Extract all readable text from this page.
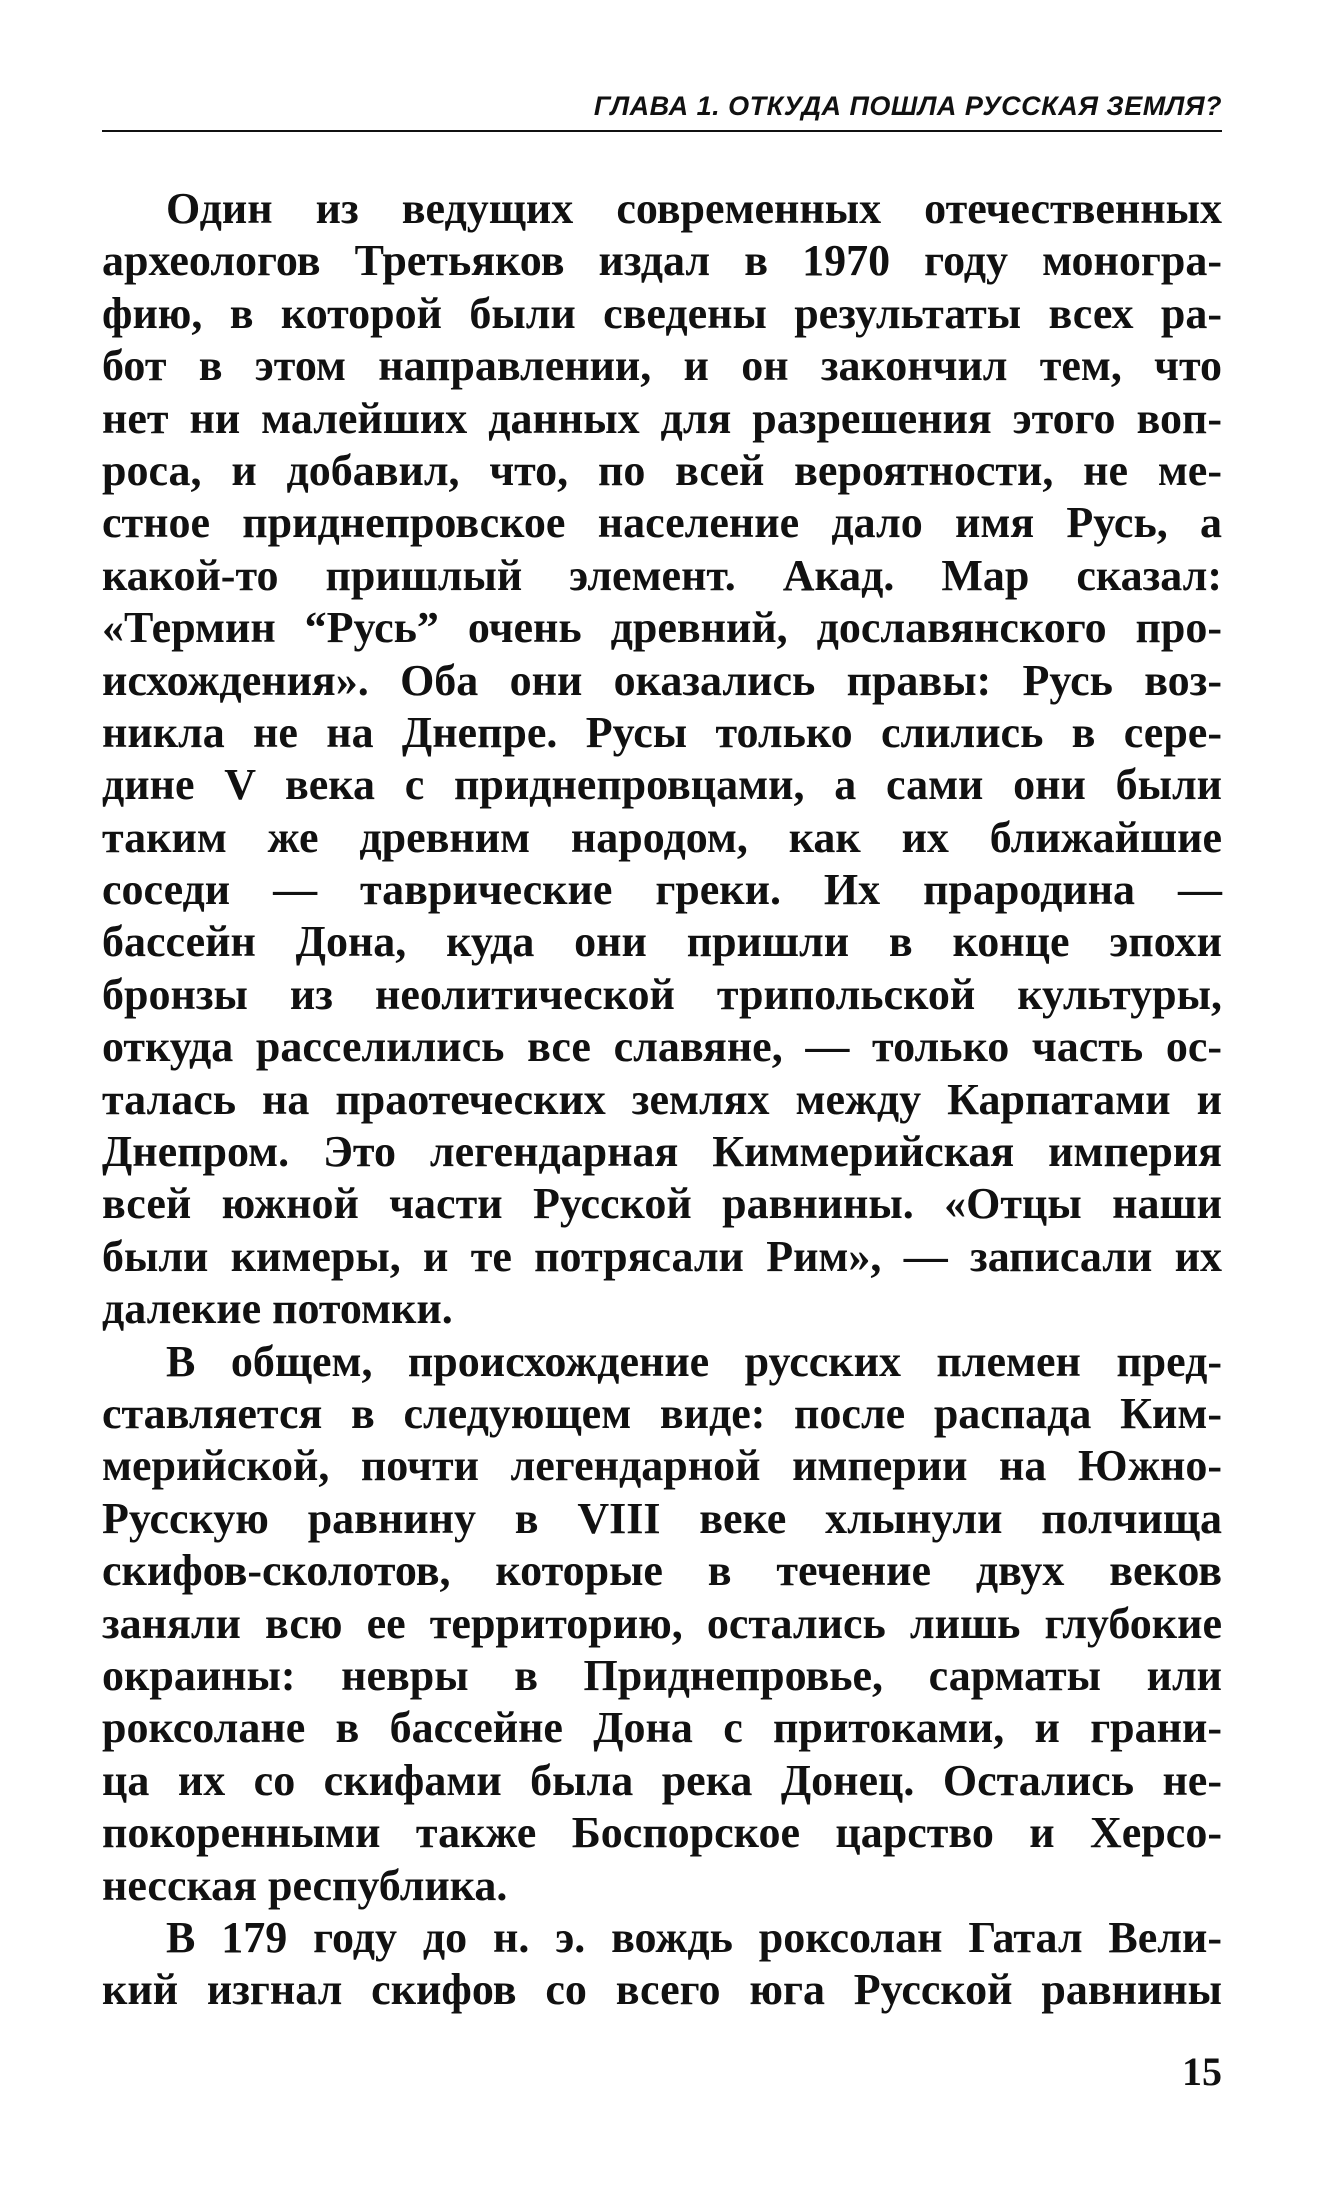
ГЛАВА 1. ОТКУДА ПОШЛА РУССКАЯ ЗЕМЛЯ?

Один из ведущих современных отечественных
археологов Третьяков издал в 1970 году моногра-
фию, в которой были сведены результаты всех ра-
бот в этом направлении, и он закончил тем, что
нет ни малейших данных для разрешения этого воп-
роса, и добавил, что, по всей вероятности, не ме-
стное приднепровское население дало имя Русь, а
какой-то пришлый элемент. Акад. Мар сказал:
«Термин “Русь” очень древний, дославянского про-
исхождения». Оба они оказались правы: Русь воз-
никла не на Днепре. Русы только слились в сере-
дине V века с приднепровцами, а сами они были
таким же древним народом, как их ближайшие
соседи — таврические греки. Их прародина —
бассейн Дона, куда они пришли в конце эпохи
бронзы из неолитической трипольской культуры,
откуда расселились все славяне, — только часть ос-
талась на праотеческих землях между Карпатами и
Днепром. Это легендарная Киммерийская империя
всей южной части Русской равнины. «Отцы наши
были кимеры, и те потрясали Рим», — записали их
далекие потомки.

В общем, происхождение русских племен пред-
ставляется в следующем виде: после распада Ким-
мерийской, почти легендарной империи на Южно-
Русскую равнину в VIII веке хлынули полчища
скифов-сколотов, которые в течение двух веков
заняли всю ее территорию, остались лишь глубокие
окраины: невры в Приднепровье, сарматы или
роксолане в бассейне Дона с притоками, и грани-
ца их со скифами была река Донец. Остались не-
покоренными также Боспорское царство и Херсо-
несская республика.

В 179 году до н. э. вождь роксолан Гатал Вели-
кий изгнал скифов со всего юга Русской равнины

15
